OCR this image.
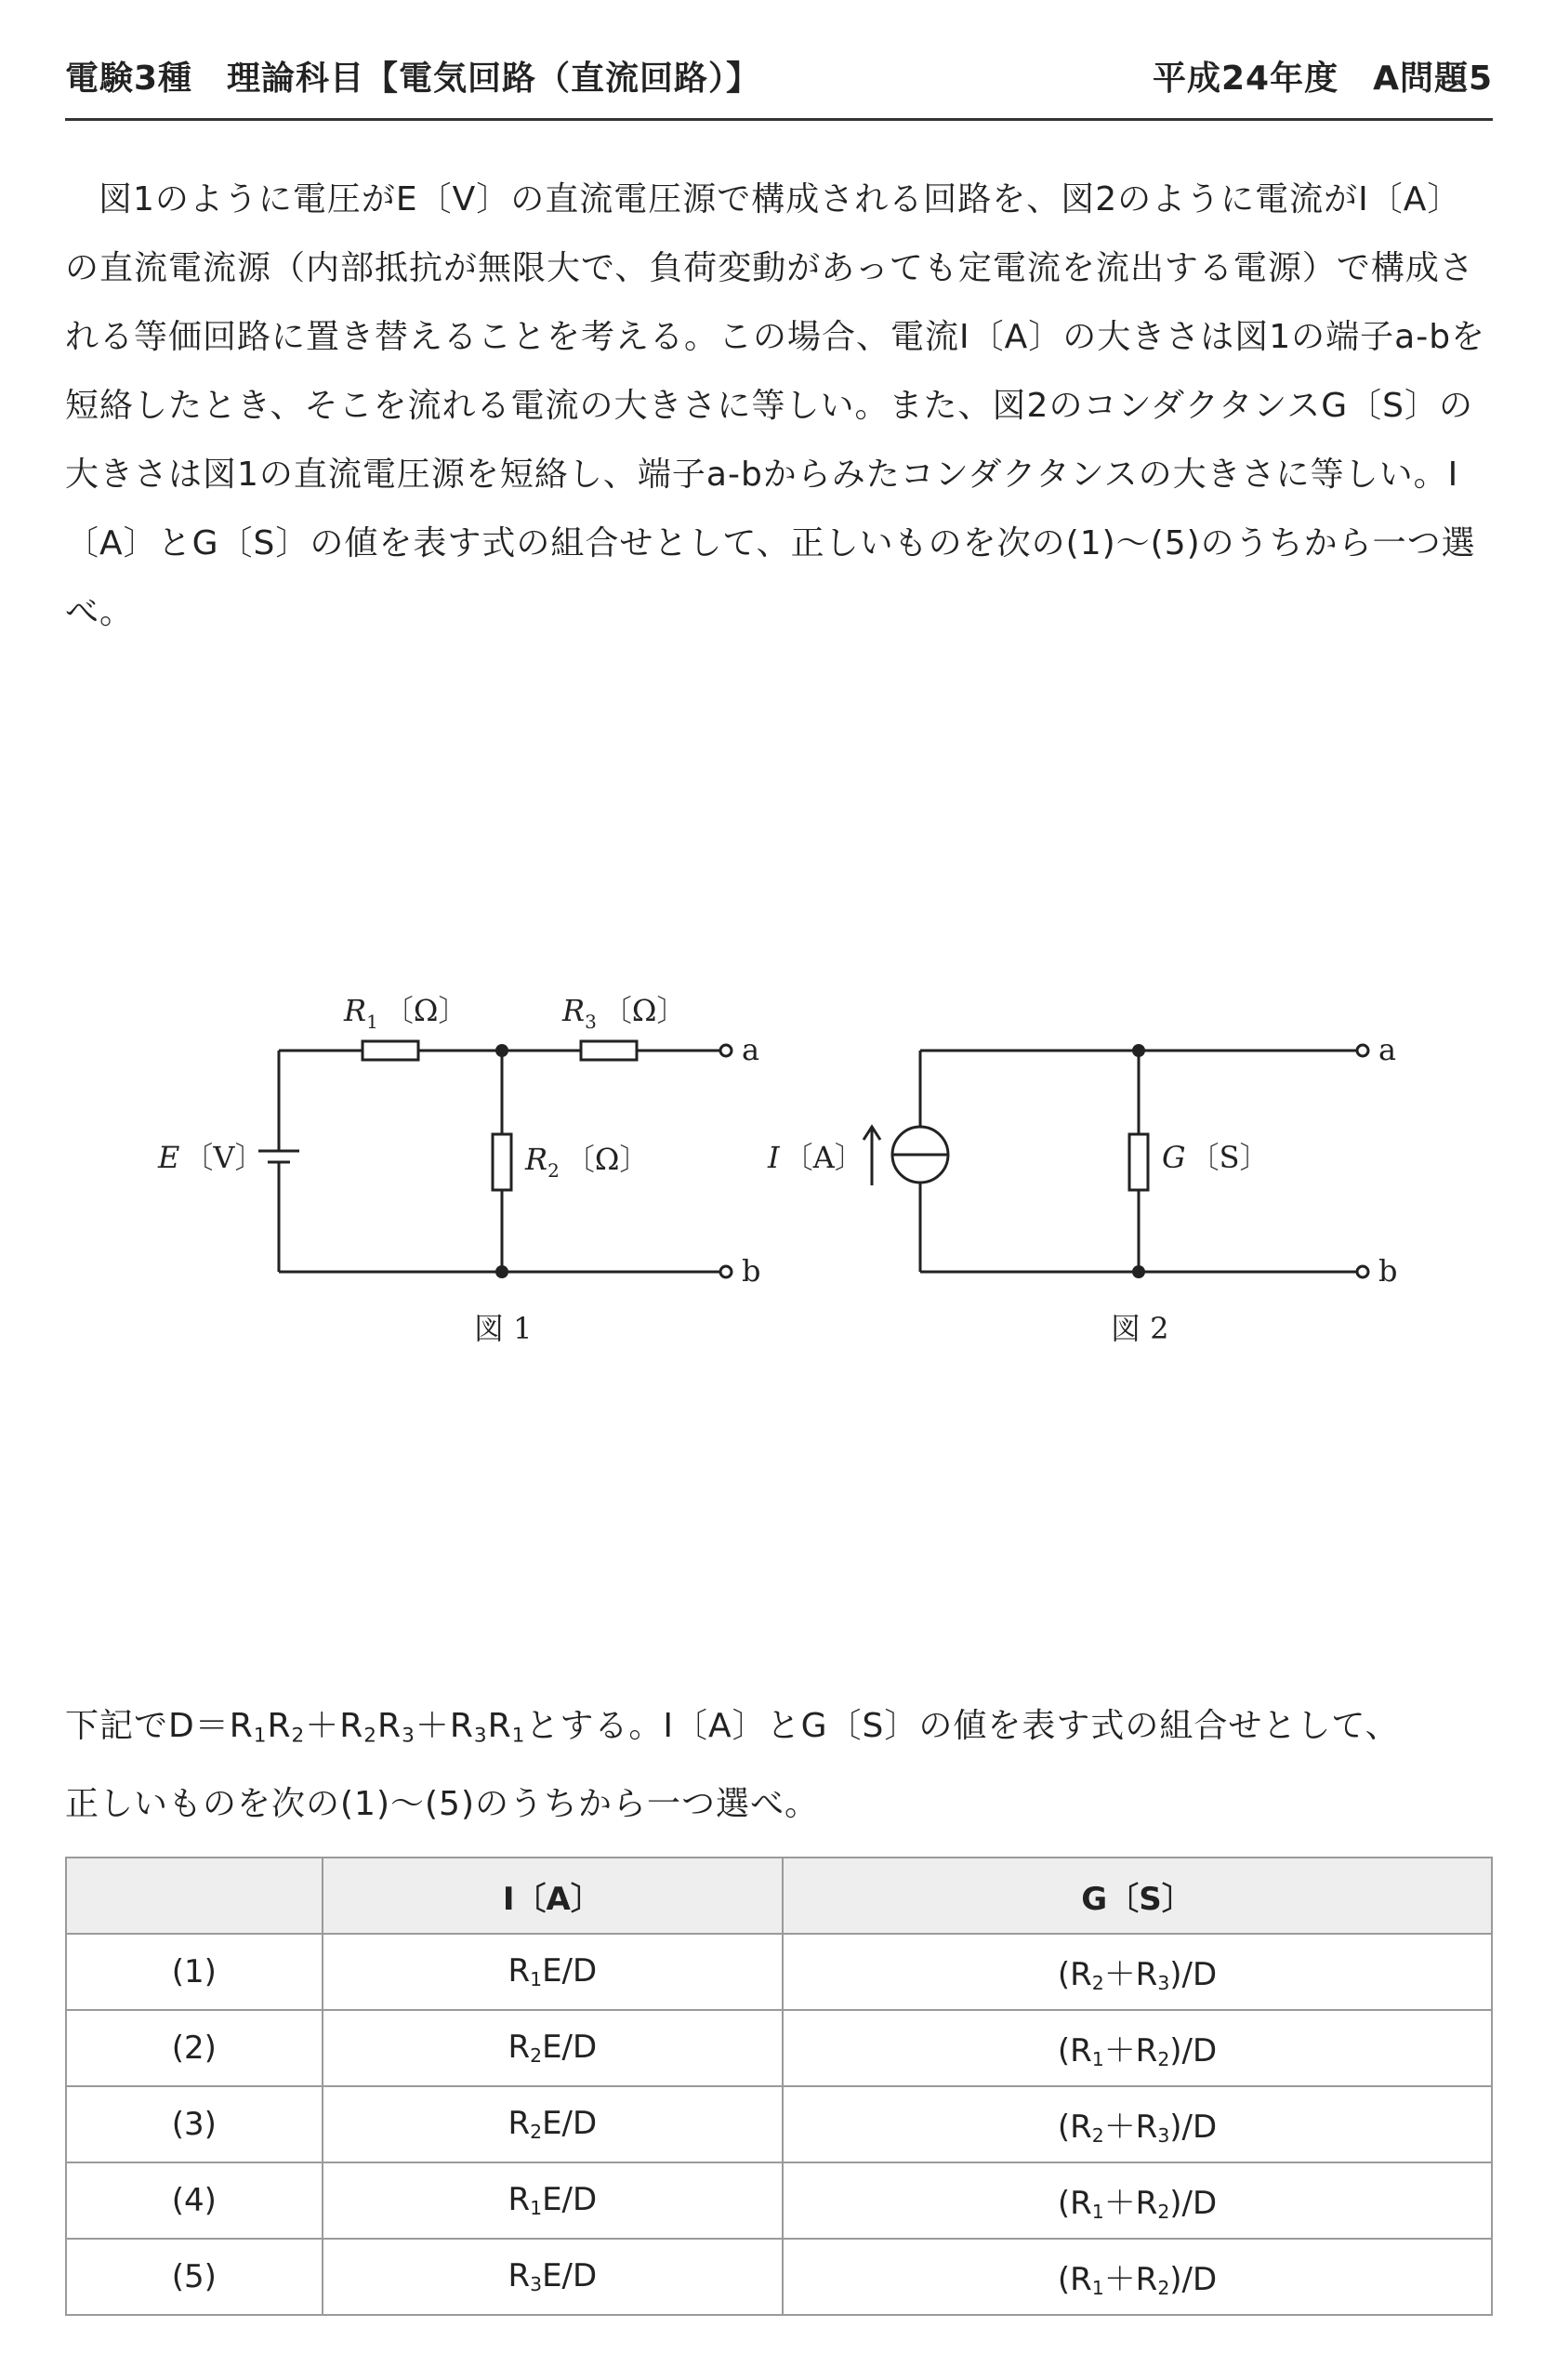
電験3種　理論科目【電気回路（直流回路）】	平成24年度　A問題5

図1のように電圧がE〔V〕の直流電圧源で構成される回路を、図2のように電流がI〔A〕の直流電流源（内部抵抗が無限大で、負荷変動があっても定電流を流出する電源）で構成される等価回路に置き替えることを考える。この場合、電流I〔A〕の大きさは図1の端子a-bを短絡したとき、そこを流れる電流の大きさに等しい。また、図2のコンダクタンスG〔S〕の大きさは図1の直流電圧源を短絡し、端子a-bからみたコンダクタンスの大きさに等しい。I〔A〕とG〔S〕の値を表す式の組合せとして、正しいものを次の(1)〜(5)のうちから一つ選べ。

$R_1$ 〔Ω〕	$R_3$ 〔Ω〕
$R_2$ 〔Ω〕
E 〔V〕
a
b
図 1
I 〔A〕	G 〔S〕
a
b
図 2

下記で$D=R_1R_2+R_2R_3+R_3R_1$とする。I〔A〕とG〔S〕の値を表す式の組合せとして、

正しいものを次の(1)〜(5)のうちから一つ選べ。

	I〔A〕	G〔S〕
(1)	$R_1E/D$	$(R_2+R_3)/D$
(2)	$R_2E/D$	$(R_1+R_2)/D$
(3)	$R_2E/D$	$(R_2+R_3)/D$
(4)	$R_1E/D$	$(R_1+R_2)/D$
(5)	$R_3E/D$	$(R_1+R_2)/D$
